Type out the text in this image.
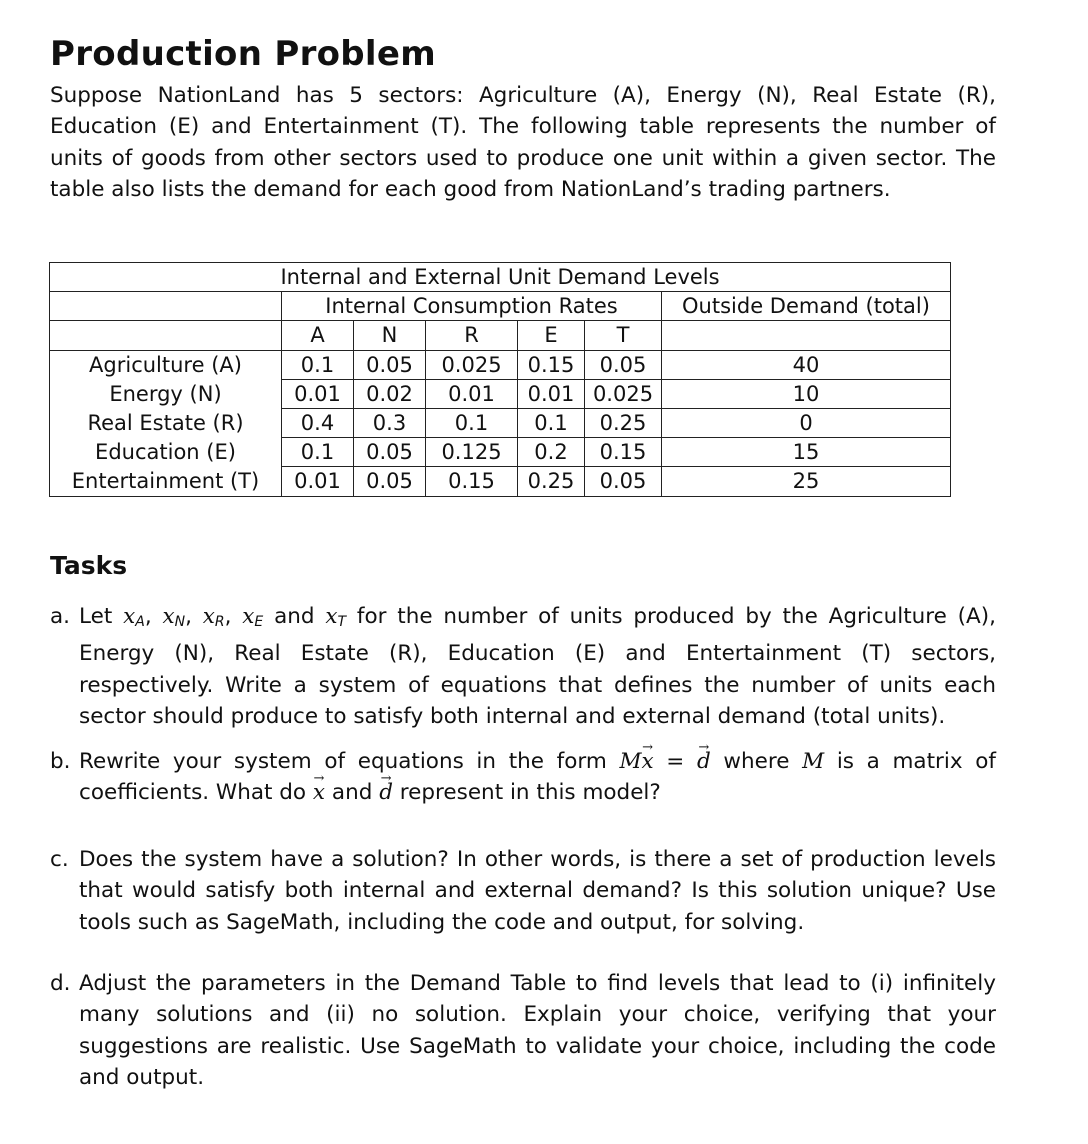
Production Problem
Suppose NationLand has 5 sectors: Agriculture (A), Energy (N), Real Estate (R), Education (E) and Entertainment (T). The following table represents the number of units of goods from other sectors used to produce one unit within a given sector. The table also lists the demand for each good from NationLand’s trading partners.
Internal and External Unit Demand Levels						
	Internal Consumption Rates					Outside Demand (total)
	A	N	R	E	T	
Agriculture (A)	0.1	0.05	0.025	0.15	0.05	40
Energy (N)	0.01	0.02	0.01	0.01	0.025	10
Real Estate (R)	0.4	0.3	0.1	0.1	0.25	0
Education (E)	0.1	0.05	0.125	0.2	0.15	15
Entertainment (T)	0.01	0.05	0.15	0.25	0.05	25
Tasks
a. Let $x_A$, $x_N$, $x_R$, $x_E$ and $x_T$ for the number of units produced by the Agriculture (A), Energy (N), Real Estate (R), Education (E) and Entertainment (T) sectors, respectively. Write a system of equations that defines the number of units each sector should produce to satisfy both internal and external demand (total units).
b. Rewrite your system of equations in the form M→ x = → d where M is a matrix of coefficients. What do → x and → d represent in this model?
c. Does the system have a solution? In other words, is there a set of production levels that would satisfy both internal and external demand? Is this solution unique? Use tools such as SageMath, including the code and output, for solving.
d. Adjust the parameters in the Demand Table to find levels that lead to (i) infinitely many solutions and (ii) no solution. Explain your choice, verifying that your suggestions are realistic. Use SageMath to validate your choice, including the code and output.
